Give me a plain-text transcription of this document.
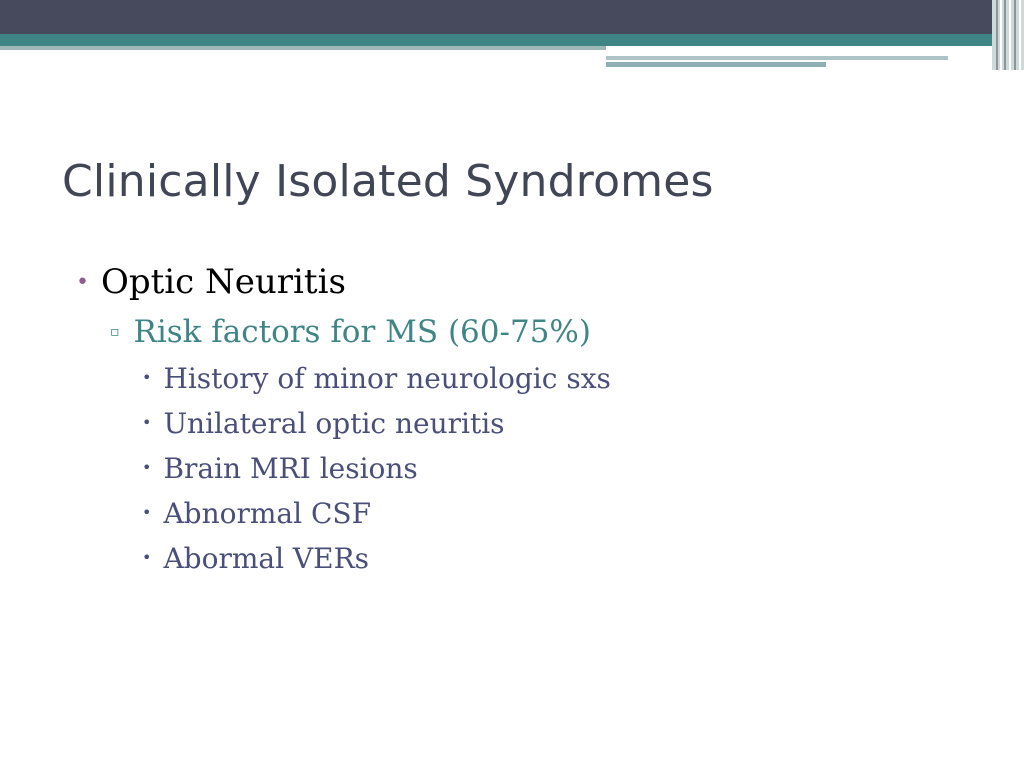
Clinically Isolated Syndromes
• Optic Neuritis
▫ Risk factors for MS (60-75%)
• History of minor neurologic sxs
• Unilateral optic neuritis
• Brain MRI lesions
• Abnormal CSF
• Abormal VERs
